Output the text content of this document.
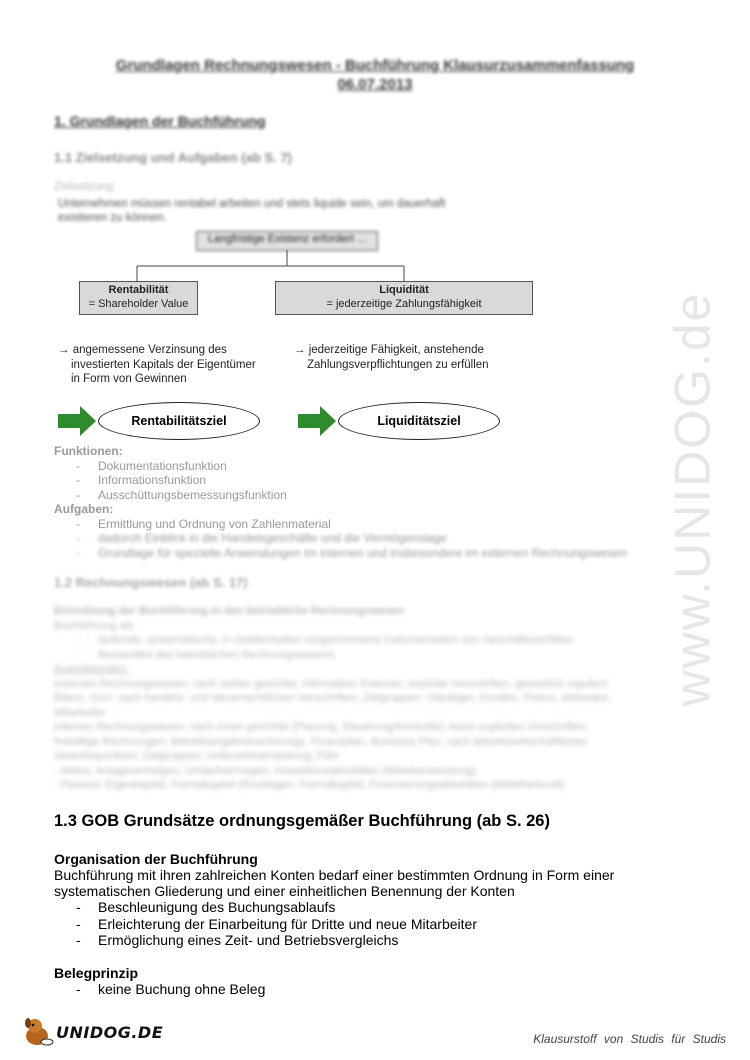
www.UNIDOG.de
Grundlagen Rechnungswesen - Buchführung Klausurzusammenfassung
06.07.2013
1. Grundlagen der Buchführung
1.1 Zielsetzung und Aufgaben (ab S. 7)
Zielsetzung:
Unternehmen müssen rentabel arbeiten und stets liquide sein, um dauerhaft
existieren zu können.
Langfristige Existenz erfordert ...
Rentabilität
= Shareholder Value
Liquidität
= jederzeitige Zahlungsfähigkeit
→ angemessene Verzinsung des
investierten Kapitals der Eigentümer
in Form von Gewinnen
→ jederzeitige Fähigkeit, anstehende
Zahlungsverpflichtungen zu erfüllen
Rentabilitätsziel	Liquiditätsziel
Funktionen:
- Dokumentationsfunktion
- Informationsfunktion
- Ausschüttungsbemessungsfunktion
Aufgaben:
- Ermittlung und Ordnung von Zahlenmaterial
- dadurch Einblick in die Handelsgeschäfte und die Vermögenslage
- Grundlage für spezielle Anwendungen im internen und insbesondere im externen Rechnungswesen
1.2 Rechnungswesen (ab S. 17)
Einordnung der Buchführung in das betriebliche Rechnungswesen
Buchführung als
- laufende, systematische, in Geldeinheiten vorgenommene Dokumentation von Geschäftsvorfällen
- Bestandteil des betrieblichen Rechnungswesens
Ausprägungen:
externes Rechnungswesen: nach außen gerichtet, Information Externer; explizite Vorschriften, gesetzlich reguliert;
Bilanz, GuV; nach handels- und steuerrechtlichen Vorschriften; Zielgruppen: Gläubiger, Kunden, Fiskus, Aktionäre,
Mitarbeiter
internes Rechnungswesen: nach innen gerichtet (Planung, Steuerung/Kontrolle); keine expliziten Vorschriften,
freiwillige Rechnungen; Betriebsergebnisrechnungs, Finanzplan, Business Plan; nach betriebswirtschaftlichen
Gesichtspunkten; Zielgruppen: Unternehmensleitung, Führ
- Aktiva: Anlagevermögen, Umlaufvermögen, Investitionsaktivitäten (Mittelverwendung)
- Passiva: Eigenkapital, Fremdkapital (Rücklagen, Fremdkapital, Finanzierungsaktivitäten (Mittelherkunft)
1.3 GOB Grundsätze ordnungsgemäßer Buchführung (ab S. 26)
Organisation der Buchführung

Buchführung mit ihren zahlreichen Konten bedarf einer bestimmten Ordnung in Form einer

systematischen Gliederung und einer einheitlichen Benennung der Konten

- Beschleunigung des Buchungsablaufs
- Erleichterung der Einarbeitung für Dritte und neue Mitarbeiter
- Ermöglichung eines Zeit- und Betriebsvergleichs
Belegprinzip
- keine Buchung ohne Beleg
UNIDOG.DE	Klausurstoff von Studis für Studis
